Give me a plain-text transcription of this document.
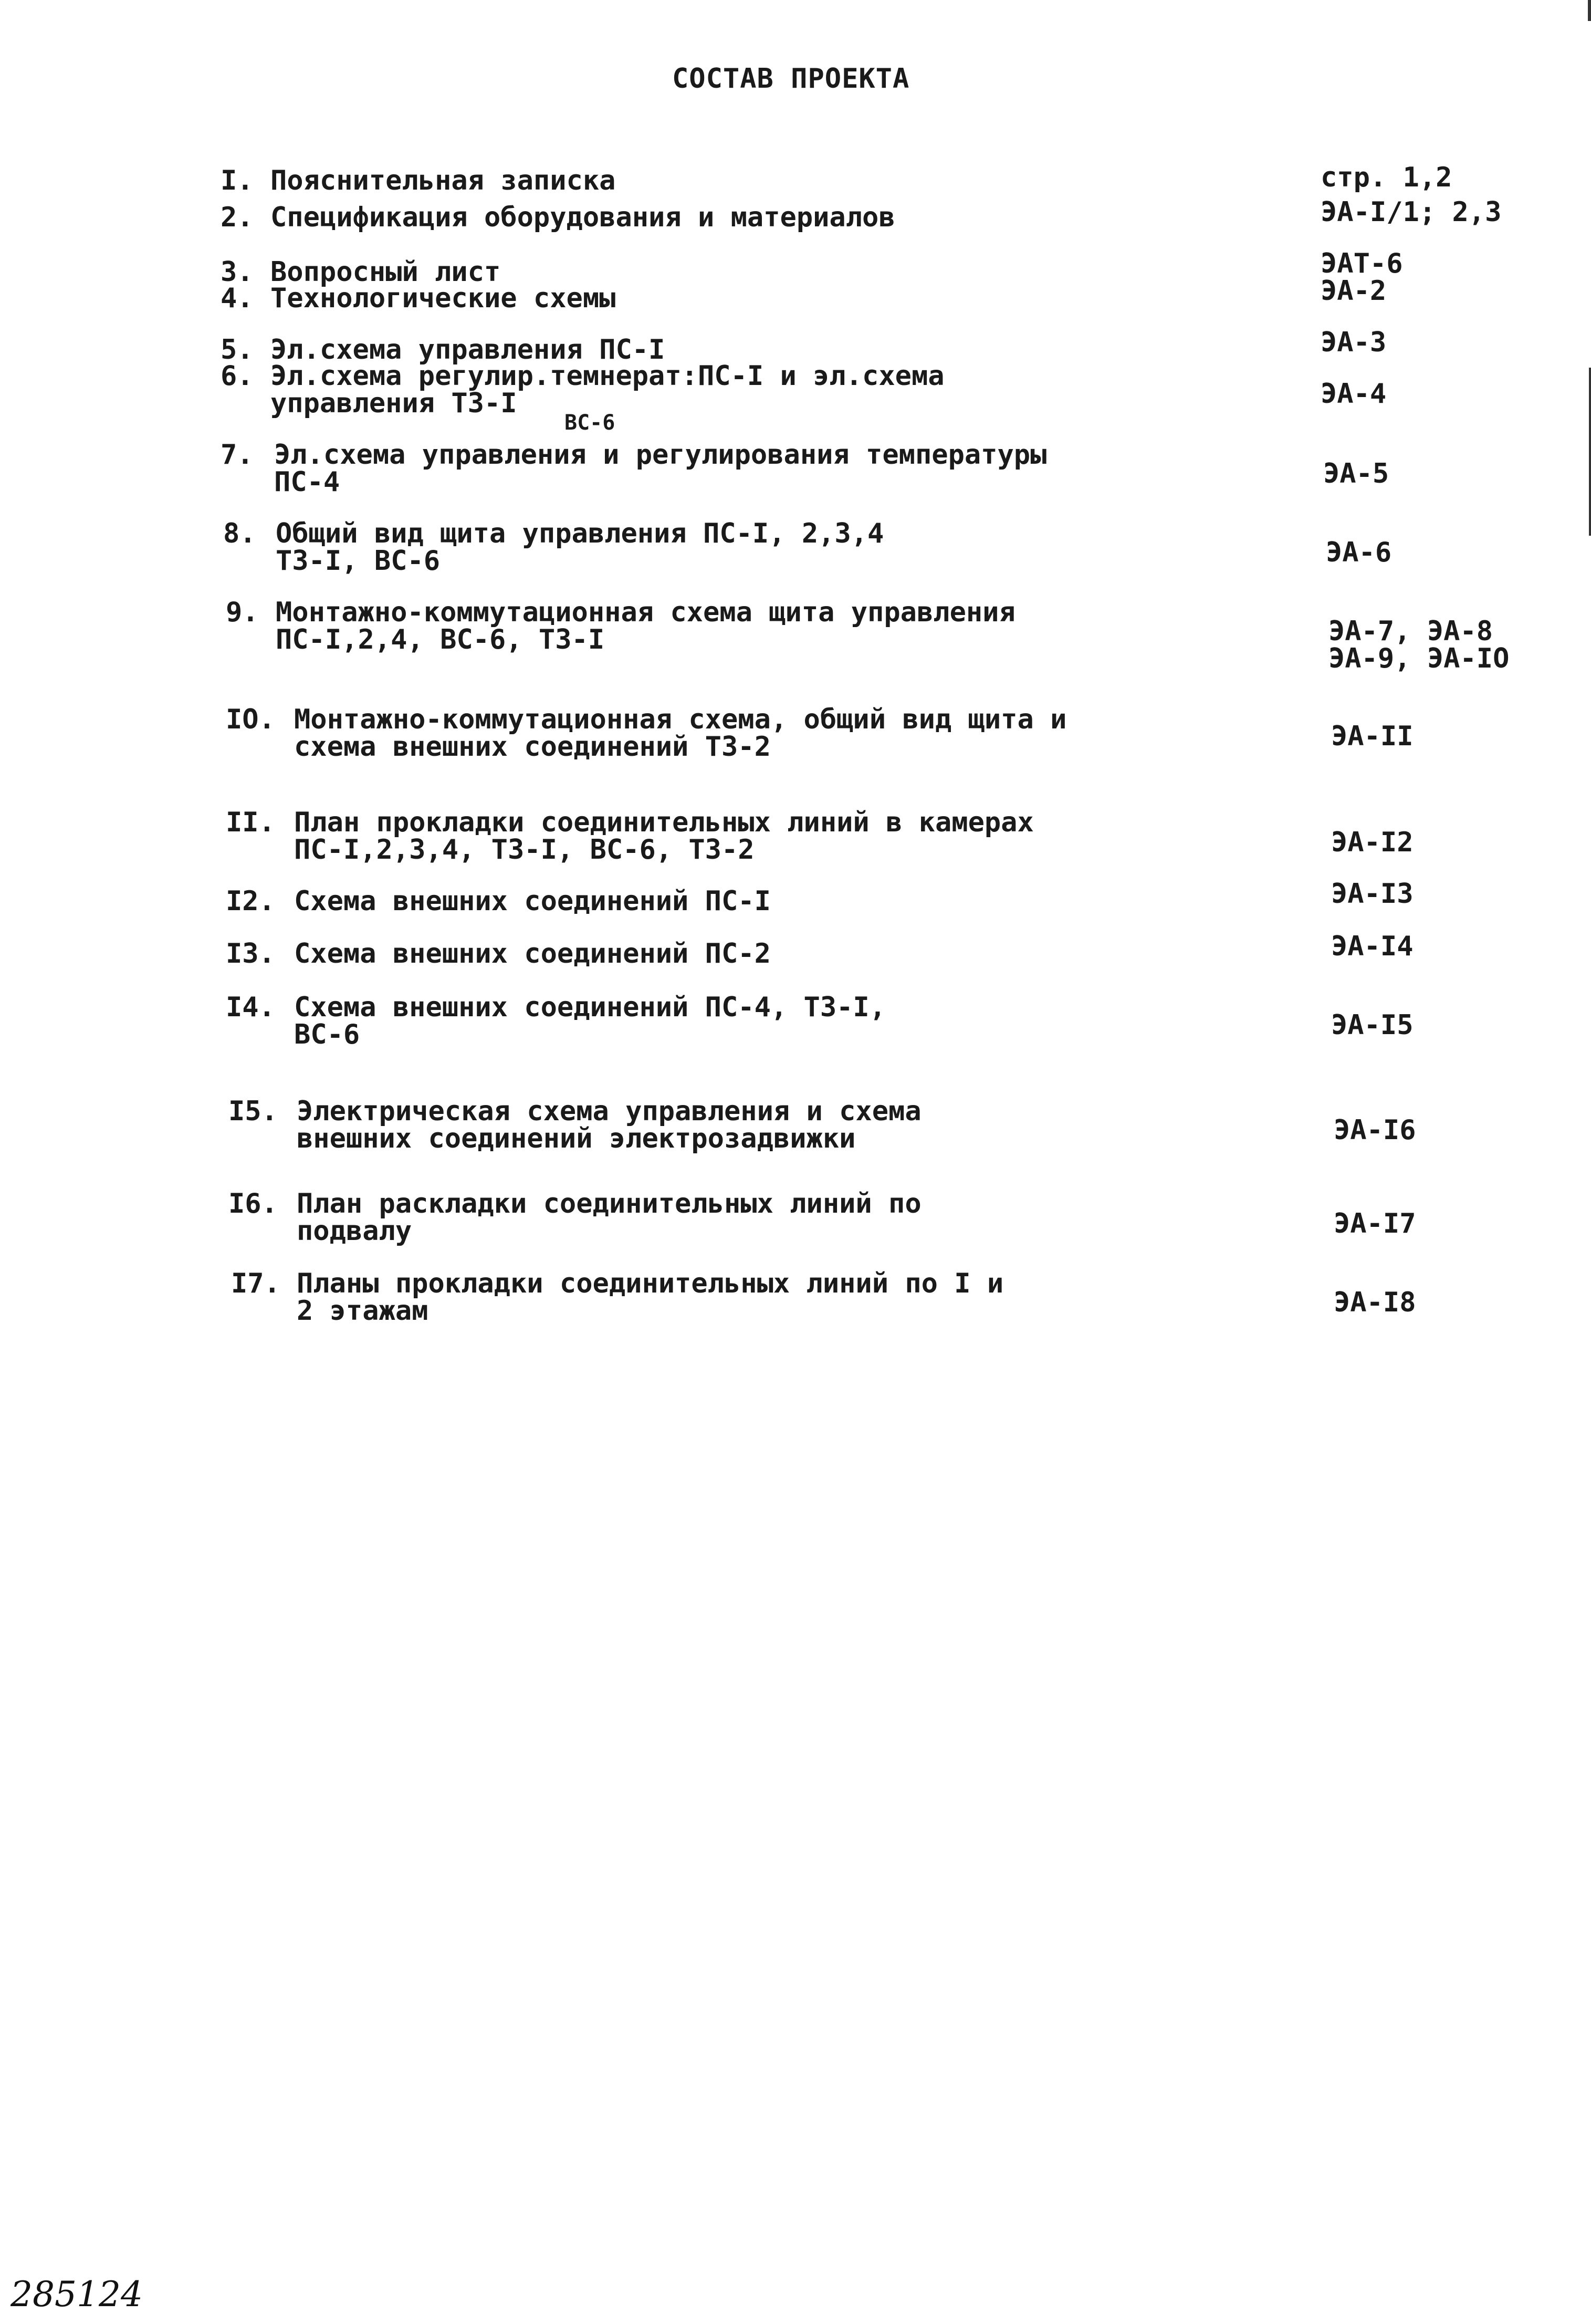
СОСТАВ ПРОЕКТА
I. Пояснительная записка	стр. 1,2
2. Спецификация оборудования и материалов	ЭА-I/1; 2,3
3. Вопросный лист	ЭАТ-6
4. Технологические схемы	ЭА-2
5. Эл.схема управления ПС-I	ЭА-3
6. Эл.схема регулир.темнерат:ПС-I и эл.схема
управления ТЗ-I	ЭА-4
ВС-6
7. Эл.схема управления и регулирования температуры
ПС-4	ЭА-5
8. Общий вид щита управления ПС-I, 2,3,4
ТЗ-I, ВС-6	ЭА-6
9. Монтажно-коммутационная схема щита управления
ПС-I,2,4, ВС-6, ТЗ-I	ЭА-7, ЭА-8
ЭА-9, ЭА-IО
IО. Монтажно-коммутационная схема, общий вид щита и
схема внешних соединений ТЗ-2	ЭА-II
II. План прокладки соединительных линий в камерах
ПС-I,2,3,4, ТЗ-I, ВС-6, ТЗ-2	ЭА-I2
I2. Схема внешних соединений ПС-I	ЭА-I3
I3. Схема внешних соединений ПС-2	ЭА-I4
I4. Схема внешних соединений ПС-4, ТЗ-I,
ВС-6	ЭА-I5
I5. Электрическая схема управления и схема
внешних соединений электрозадвижки	ЭА-I6
I6. План раскладки соединительных линий по
подвалу	ЭА-I7
I7. Планы прокладки соединительных линий по I и
2 этажам	ЭА-I8
285124
